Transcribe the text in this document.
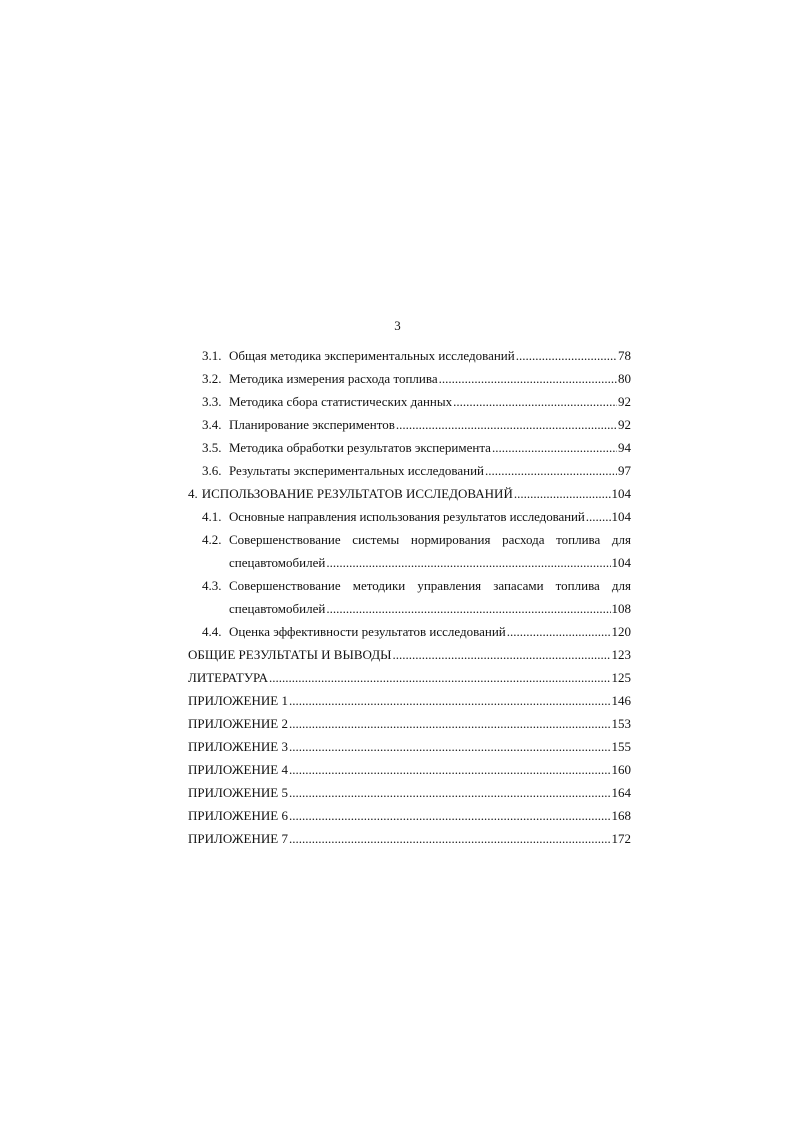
3
3.1. Общая методика экспериментальных исследований .....	78
3.2. Методика измерения расхода топлива .....	80
3.3. Методика сбора статистических данных .....	92
3.4. Планирование экспериментов .....	92
3.5. Методика обработки результатов эксперимента .....	94
3.6. Результаты экспериментальных исследований .....	97
4. ИСПОЛЬЗОВАНИЕ РЕЗУЛЬТАТОВ ИССЛЕДОВАНИЙ .....	104
4.1. Основные направления использования результатов исследований ..... 104
4.2. Совершенствование системы нормирования расхода топлива для
спецавтомобилей .....	104
4.3. Совершенствование методики управления запасами топлива для
спецавтомобилей .....	108
4.4. Оценка эффективности результатов исследований .....	120
ОБЩИЕ РЕЗУЛЬТАТЫ И ВЫВОДЫ .....	123
ЛИТЕРАТУРА .....	125
ПРИЛОЖЕНИЕ 1 .....	146
ПРИЛОЖЕНИЕ 2 .....	153
ПРИЛОЖЕНИЕ 3 .....	155
ПРИЛОЖЕНИЕ 4 .....	160
ПРИЛОЖЕНИЕ 5 .....	164
ПРИЛОЖЕНИЕ 6 .....	168
ПРИЛОЖЕНИЕ 7 .....	172
